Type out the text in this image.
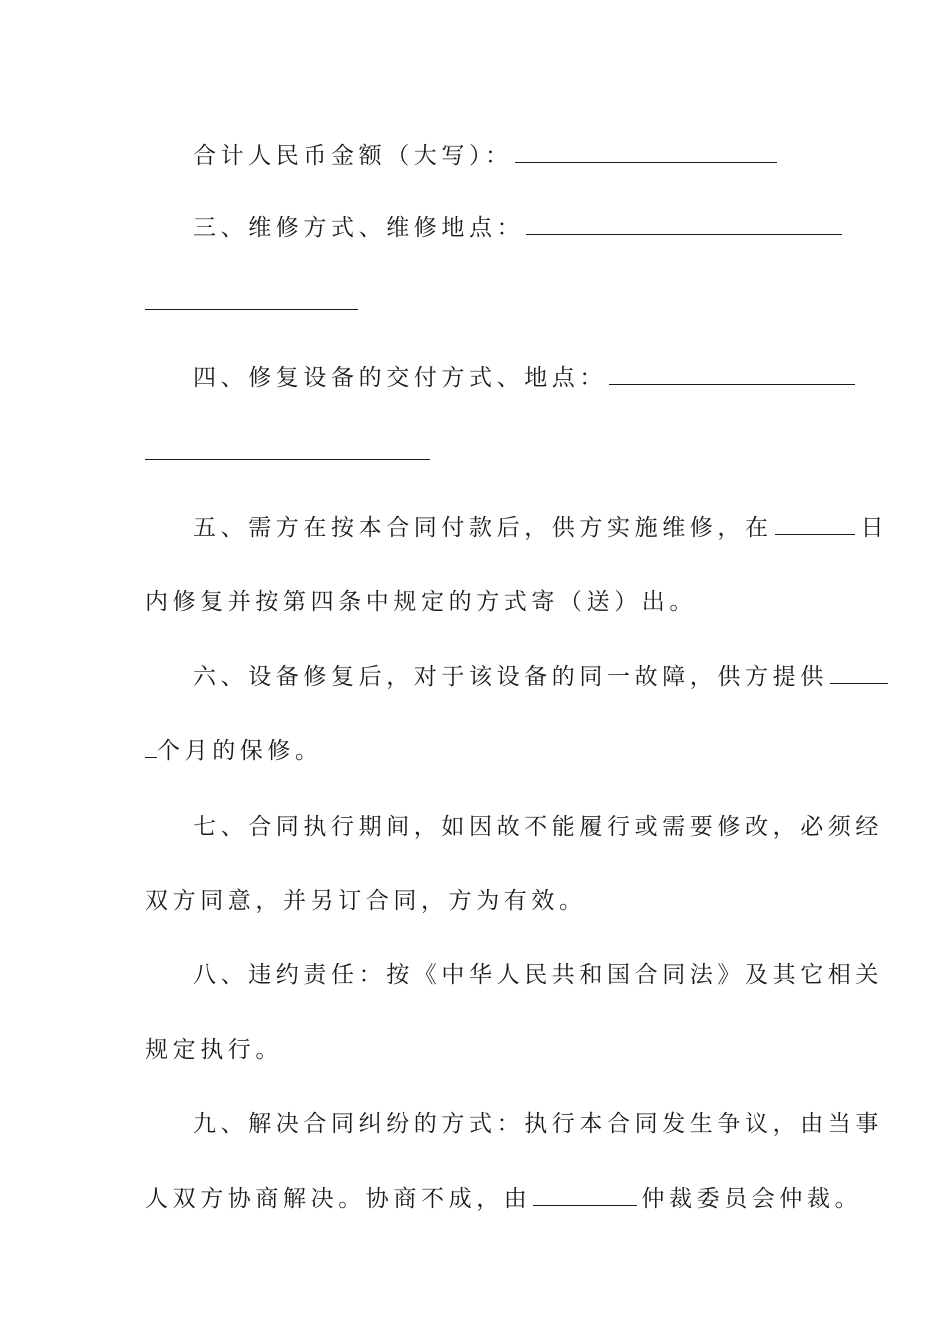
合计人民币金额（大写）：
三、维修方式、维修地点：
四、修复设备的交付方式、地点：
五、需方在按本合同付款后，供方实施维修，在	日
内修复并按第四条中规定的方式寄（送）出。
六、设备修复后，对于该设备的同一故障，供方提供
个月的保修。
七、合同执行期间，如因故不能履行或需要修改，必须经
双方同意，并另订合同，方为有效。
八、违约责任：按《中华人民共和国合同法》及其它相关
规定执行。
九、解决合同纠纷的方式：执行本合同发生争议，由当事
人双方协商解决。协商不成，由	仲裁委员会仲裁。
